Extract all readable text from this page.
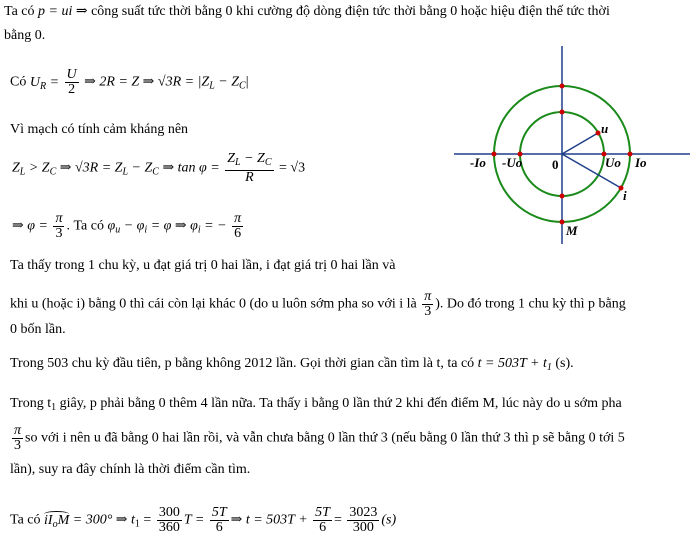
Ta có p = ui ⇒ công suất tức thời bằng 0 khi cường độ dòng điện tức thời bằng 0 hoặc hiệu điện thế tức thời
bằng 0.
Có $U_R = \frac{U}{2}$ ⇒ 2R = Z ⇒ $√3R = |Z_L - Z_C|$
Vì mạch có tính cảm kháng nên
$Z_L > Z_C$ ⇒ $√3R = Z_L - Z_C$ ⇒ $\tan \varphi = \frac{Z_L - Z_C}{R} = √3$
⇒ $\varphi = \frac{\pi}{3}$ . Ta có $\varphi_u - \varphi_i = \varphi$ ⇒ $\varphi_i$ = − $\frac{\pi}{6}$
Ta thấy trong 1 chu kỳ, u đạt giá trị 0 hai lần, i đạt giá trị 0 hai lần và
khi u (hoặc i) bằng 0 thì cái còn lại khác 0 (do u luôn sớm pha so với i là $\frac{\pi}{3}$ ). Do đó trong 1 chu kỳ thì p bằng
0 bốn lần.
Trong 503 chu kỳ đầu tiên, p bằng không 2012 lần. Gọi thời gian cần tìm là t, ta có $t = 503T + t_1$ (s).
Trong $t_1$ giây, p phải bằng 0 thêm 4 lần nữa. Ta thấy i bằng 0 lần thứ 2 khi đến điểm M, lúc này do u sớm pha
$\frac{\pi}{3}$ so với i nên u đã bằng 0 hai lần rồi, và vẫn chưa bằng 0 lần thứ 3 (nếu bằng 0 lần thứ 3 thì p sẽ bằng 0 tới 5
lần), suy ra đây chính là thời điểm cần tìm.
Ta có $iI_oM = 300^\circ$ ⇒ $t_1 = \frac{300}{360}$ $T = \frac{5T}{6}$ ⇒ $t = 503T + \frac{5T}{6} = \frac{3023}{300} (s)$
u
i
M
0	Uo Io
-Uo
-Io
